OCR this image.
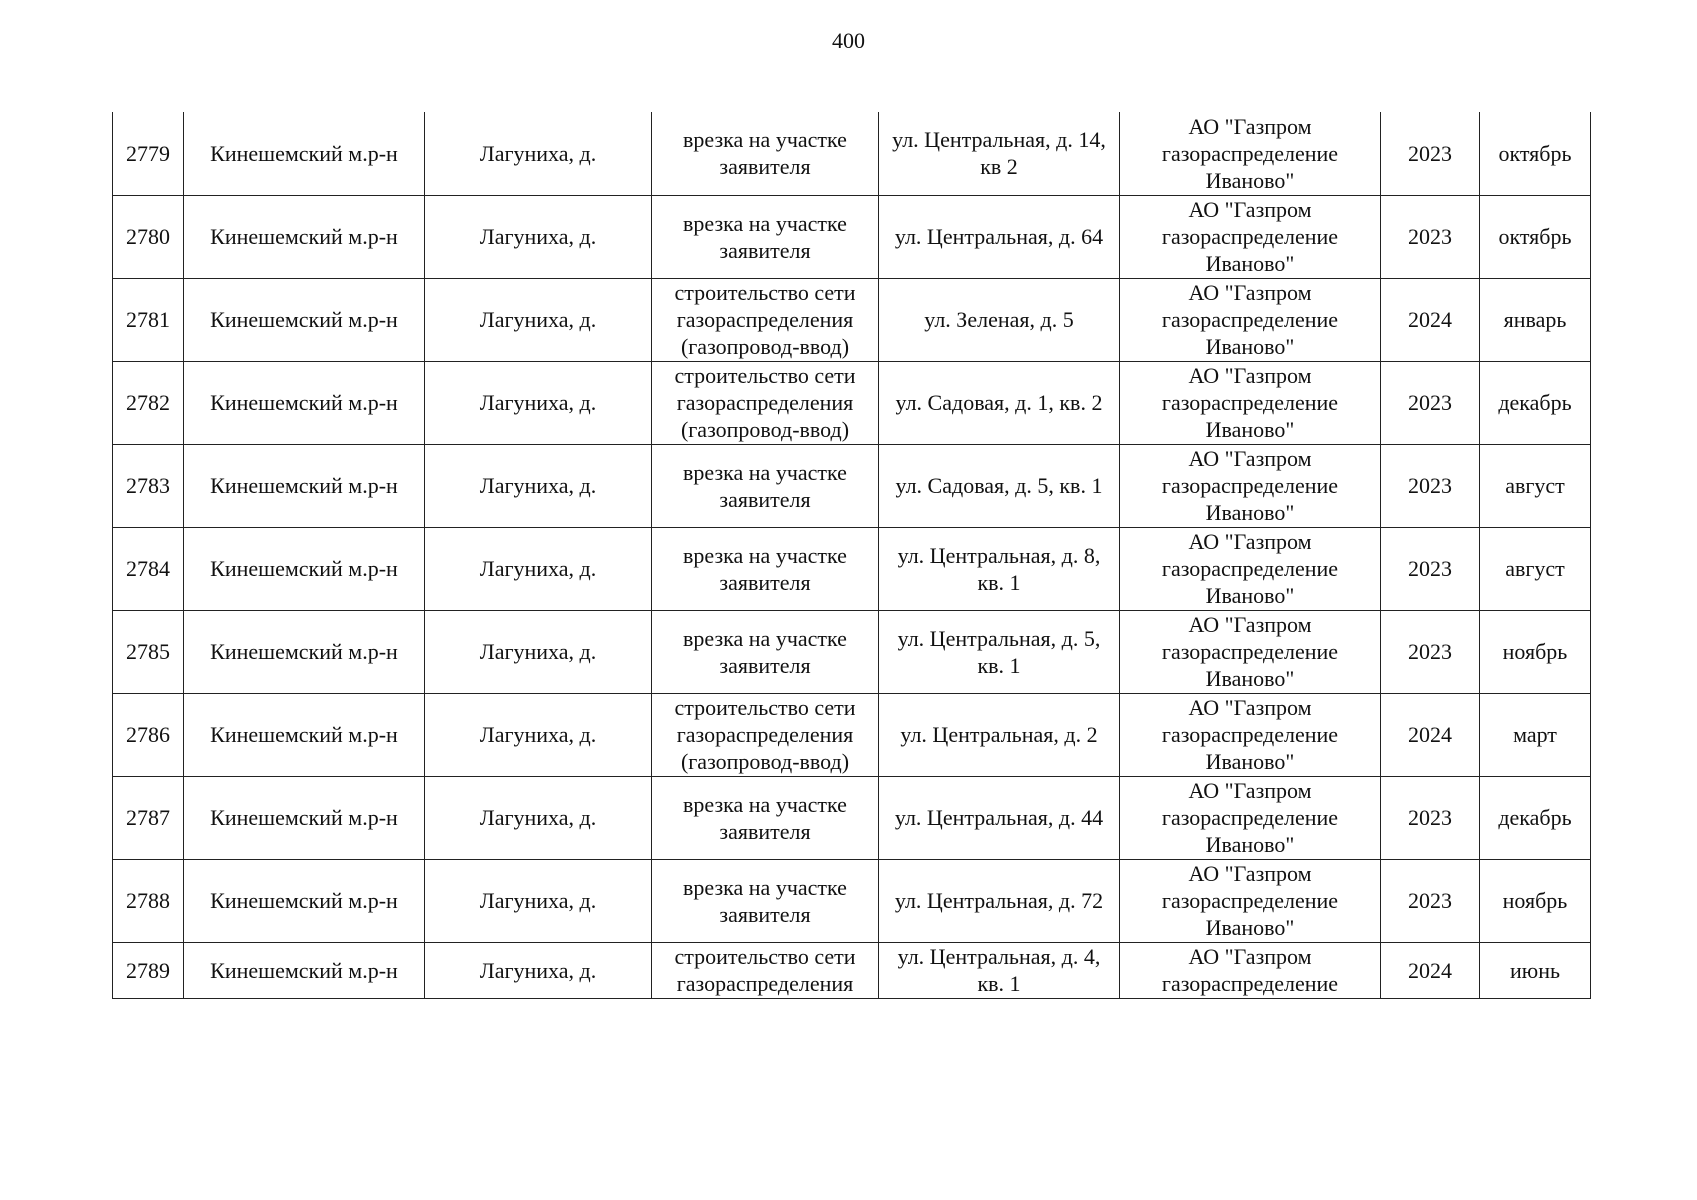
400
2779	Кинешемский м.р-н	Лагуниха, д.	врезка на участке заявителя	ул. Центральная, д. 14, кв 2	АО "Газпром газораспределение Иваново"	2023	октябрь

2780	Кинешемский м.р-н	Лагуниха, д.	врезка на участке заявителя	ул. Центральная, д. 64	АО "Газпром газораспределение Иваново"	2023	октябрь

2781	Кинешемский м.р-н	Лагуниха, д.	строительство сети газораспределения (газопровод-ввод)	ул. Зеленая, д. 5	АО "Газпром газораспределение Иваново"	2024	январь

2782	Кинешемский м.р-н	Лагуниха, д.	строительство сети газораспределения (газопровод-ввод)	ул. Садовая, д. 1, кв. 2	АО "Газпром газораспределение Иваново"	2023	декабрь

2783	Кинешемский м.р-н	Лагуниха, д.	врезка на участке заявителя	ул. Садовая, д. 5, кв. 1	АО "Газпром газораспределение Иваново"	2023	август

2784	Кинешемский м.р-н	Лагуниха, д.	врезка на участке заявителя	ул. Центральная, д. 8, кв. 1	АО "Газпром газораспределение Иваново"	2023	август

2785	Кинешемский м.р-н	Лагуниха, д.	врезка на участке заявителя	ул. Центральная, д. 5, кв. 1	АО "Газпром газораспределение Иваново"	2023	ноябрь

2786	Кинешемский м.р-н	Лагуниха, д.	строительство сети газораспределения (газопровод-ввод)	ул. Центральная, д. 2	АО "Газпром газораспределение Иваново"	2024	март

2787	Кинешемский м.р-н	Лагуниха, д.	врезка на участке заявителя	ул. Центральная, д. 44	АО "Газпром газораспределение Иваново"	2023	декабрь

2788	Кинешемский м.р-н	Лагуниха, д.	врезка на участке заявителя	ул. Центральная, д. 72	АО "Газпром газораспределение Иваново"	2023	ноябрь

2789	Кинешемский м.р-н	Лагуниха, д.	строительство сети газораспределения	ул. Центральная, д. 4, кв. 1	АО "Газпром газораспределение	2024	июнь
